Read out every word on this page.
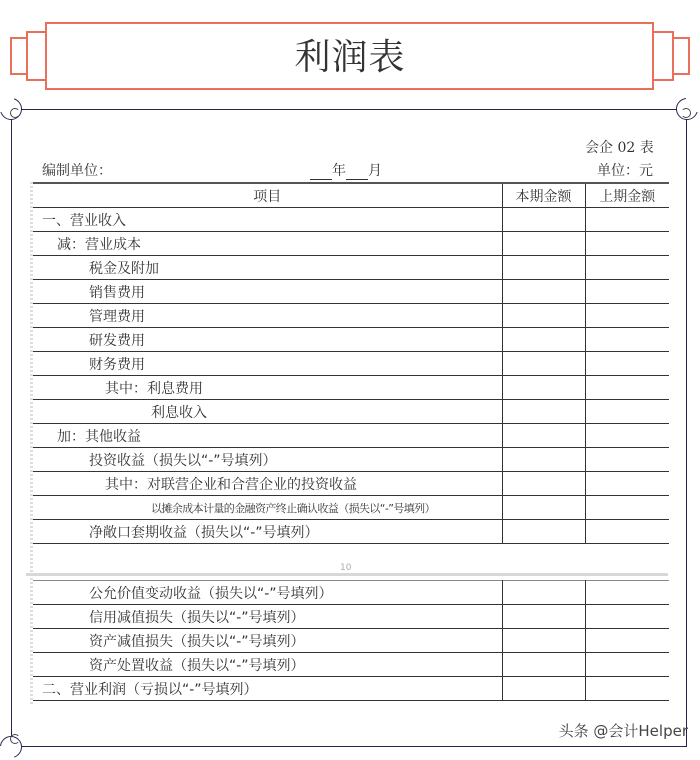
利润表
会企 02 表
编制单位：	年 月	单位：元
项目	本期金额	上期金额
一、营业收入		
减：营业成本		
税金及附加		
销售费用		
管理费用		
研发费用		
财务费用		
其中：利息费用		
利息收入		
加：其他收益		
投资收益（损失以“-”号填列）		
其中：对联营企业和合营企业的投资收益		
以摊余成本计量的金融资产终止确认收益（损失以“-”号填列）		
净敞口套期收益（损失以“-”号填列）		
10
公允价值变动收益（损失以“-”号填列）		
信用减值损失（损失以“-”号填列）		
资产减值损失（损失以“-”号填列）		
资产处置收益（损失以“-”号填列）		
二、营业利润（亏损以“-”号填列）		
头条 @会计Helper
